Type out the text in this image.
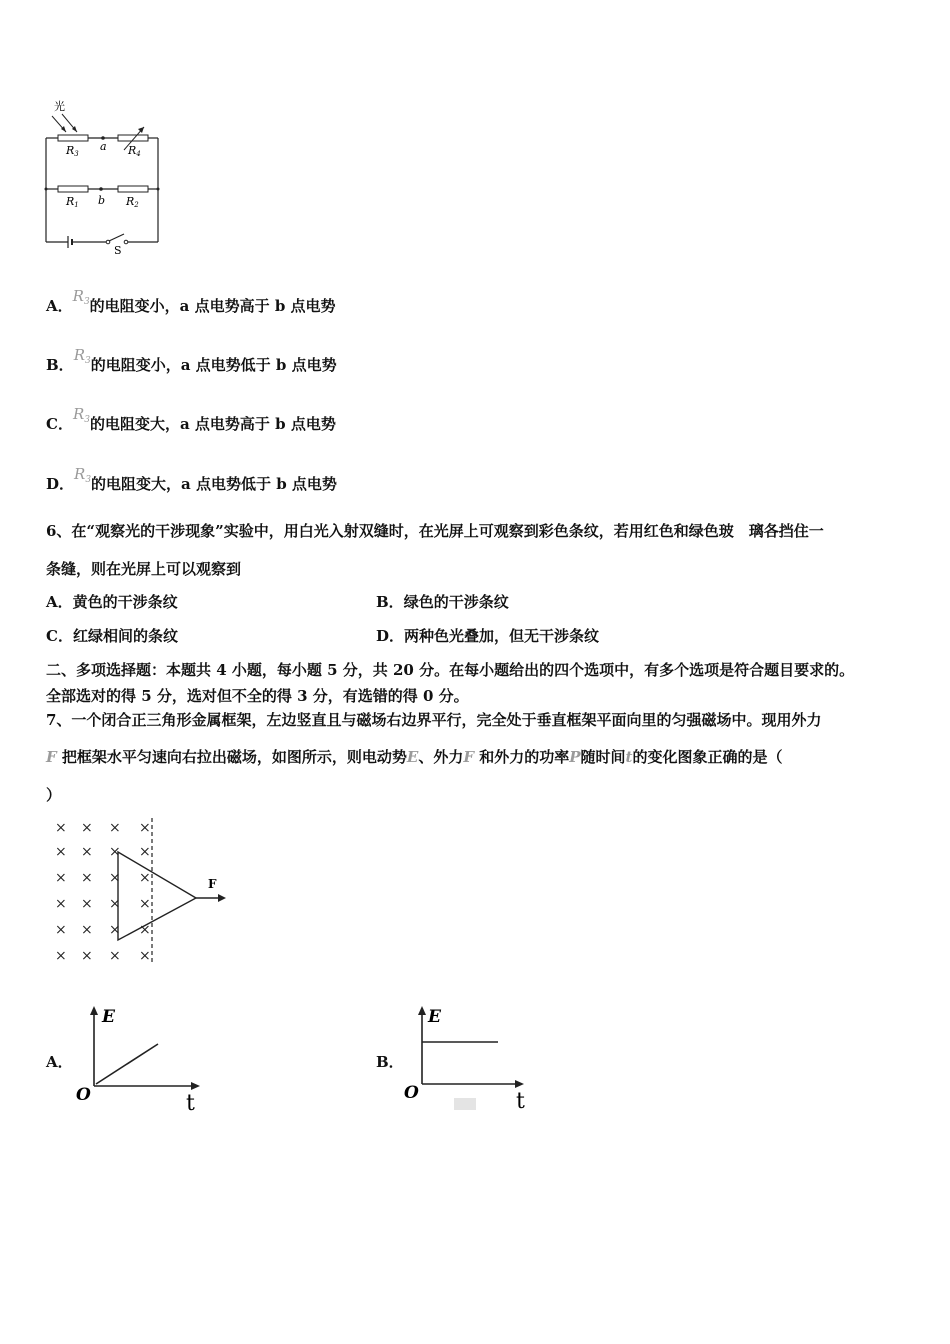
光
R3
a R4
R1 b R2
S
A．$R_3$的电阻变小，a 点电势高于 b 点电势
B．$R_3$的电阻变小，a 点电势低于 b 点电势
C．$R_3$的电阻变大，a 点电势高于 b 点电势
D．$R_3$的电阻变大，a 点电势低于 b 点电势
6、在“观察光的干涉现象”实验中，用白光入射双缝时，在光屏上可观察到彩色条纹，若用红色和绿色玻　璃各挡住一
条缝，则在光屏上可以观察到
A．黄色的干涉条纹	B．绿色的干涉条纹
C．红绿相间的条纹	D．两种色光叠加，但无干涉条纹
二、多项选择题：本题共 4 小题，每小题 5 分，共 20 分。在每小题给出的四个选项中，有多个选项是符合题目要求的。
全部选对的得 5 分，选对但不全的得 3 分，有选错的得 0 分。
7、一个闭合正三角形金属框架，左边竖直且与磁场右边界平行，完全处于垂直框架平面向里的匀强磁场中。现用外力
F 把框架水平匀速向右拉出磁场，如图所示，则电动势E、外力F 和外力的功率P随时间t的变化图象正确的是（
）
× × × ×
× × × ×
× × × ×
× × × ×
× × × ×
× × × ×
F
A．
E
O	t
B．
E
O	t
